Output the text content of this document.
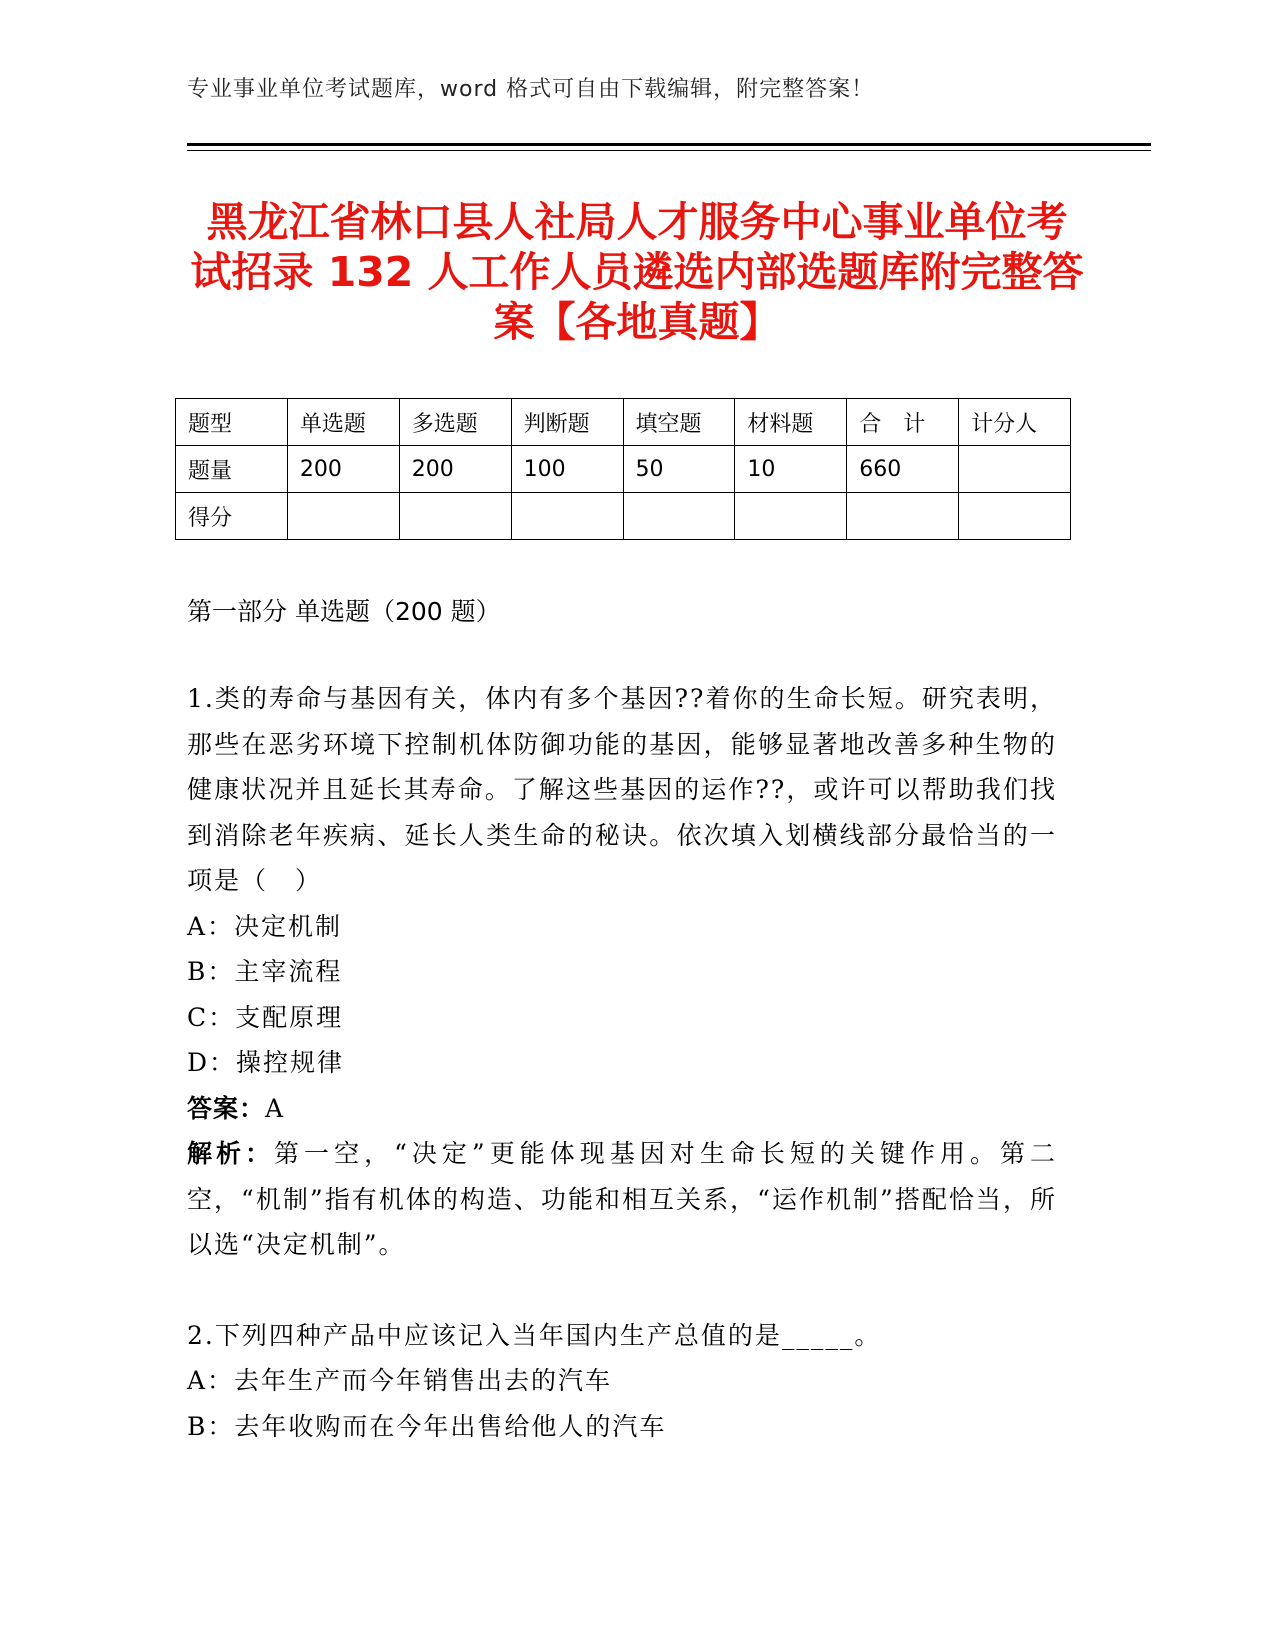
专业事业单位考试题库，word 格式可自由下载编辑，附完整答案！
黑龙江省林口县人社局人才服务中心事业单位考试招录 132 人工作人员遴选内部选题库附完整答案【各地真题】
题型	单选题	多选题	判断题	填空题	材料题	合　计	计分人
题量	200	200	100	50	10	660	
得分							
第一部分 单选题（200 题）

1.类的寿命与基因有关，体内有多个基因??着你的生命长短。研究表明，那些在恶劣环境下控制机体防御功能的基因，能够显著地改善多种生物的健康状况并且延长其寿命。了解这些基因的运作??，或许可以帮助我们找到消除老年疾病、延长人类生命的秘诀。依次填入划横线部分最恰当的一项是（　）

A：决定机制

B：主宰流程

C：支配原理

D：操控规律

答案：A

解析：第一空，“决定”更能体现基因对生命长短的关键作用。第二空，“机制”指有机体的构造、功能和相互关系，“运作机制”搭配恰当，所以选“决定机制”。

2.下列四种产品中应该记入当年国内生产总值的是_____。

A：去年生产而今年销售出去的汽车

B：去年收购而在今年出售给他人的汽车
